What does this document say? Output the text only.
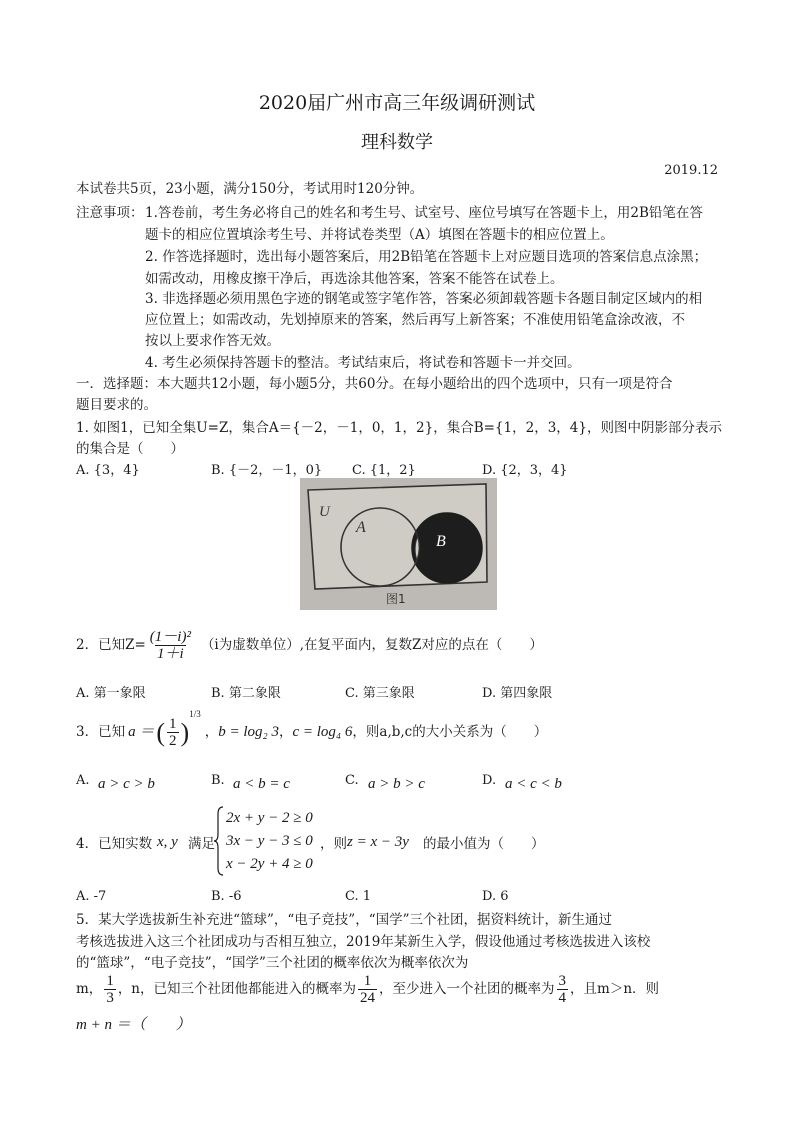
2020届广州市高三年级调研测试
理科数学
2019.12
本试卷共5页，23小题，满分150分，考试用时120分钟。
注意事项： 1.答卷前，考生务必将自己的姓名和考生号、试室号、座位号填写在答题卡上，用2B铅笔在答
题卡的相应位置填涂考生号、并将试卷类型（A）填图在答题卡的相应位置上。
2. 作答选择题时，选出每小题答案后，用2B铅笔在答题卡上对应题目选项的答案信息点涂黑；
如需改动，用橡皮擦干净后，再选涂其他答案，答案不能答在试卷上。
3. 非选择题必须用黑色字迹的钢笔或签字笔作答，答案必须卸载答题卡各题目制定区域内的相
应位置上；如需改动，先划掉原来的答案，然后再写上新答案；不准使用铅笔盒涂改液，不
按以上要求作答无效。
4. 考生必须保持答题卡的整洁。考试结束后，将试卷和答题卡一并交回。
一．选择题：本大题共12小题，每小题5分，共60分。在每小题给出的四个选项中，只有一项是符合
题目要求的。
1. 如图1，已知全集U=Z，集合A＝{－2，－1，0，1，2}，集合B={1，2，3，4}，则图中阴影部分表示
的集合是（　　）
A. {3，4}	B. {－2，－1，0} C. {1，2}	D. {2，3，4}
U
A
B
图1
2．已知$Z= \frac{\text{(1－i)²}}{1+i} (i$为虚数单位）,在复平面内，复数Z对应的点在（　　）
A. 第一象限	B. 第二象限	C. 第三象限	D. 第四象限
3．已知 a ＝ ( $\frac{1}{2}$ )
1/3
， b = log₂ 3 ， c = log₄ 6 ，则a,b,c的大小关系为（　　）
A. a > c > b	B. a < b = c	C. a > b > c	D. a < c < b
4．已知实数 x, y 满足
2x + y − 2 ≥ 0
3x − y − 3 ≤ 0
x − 2y + 4 ≥ 0
，则 z = x − 3y 的最小值为（　　）
A. -7	B. -6	C. 1	D. 6
5．某大学选拔新生补充进“篮球”，“电子竞技”，“国学”三个社团，据资料统计，新生通过
考核选拔进入这三个社团成功与否相互独立，2019年某新生入学，假设他通过考核选拔进入该校
的“篮球”，“电子竞技”，“国学”三个社团的概率依次为概率依次为
m， $\frac{1}{3}$ ，n，已知三个社团他都能进入的概率为 $\frac{1}{24}$ ，至少进入一个社团的概率为 $\frac{3}{4}$ ，且m＞n．则
m + n ＝（　　）
